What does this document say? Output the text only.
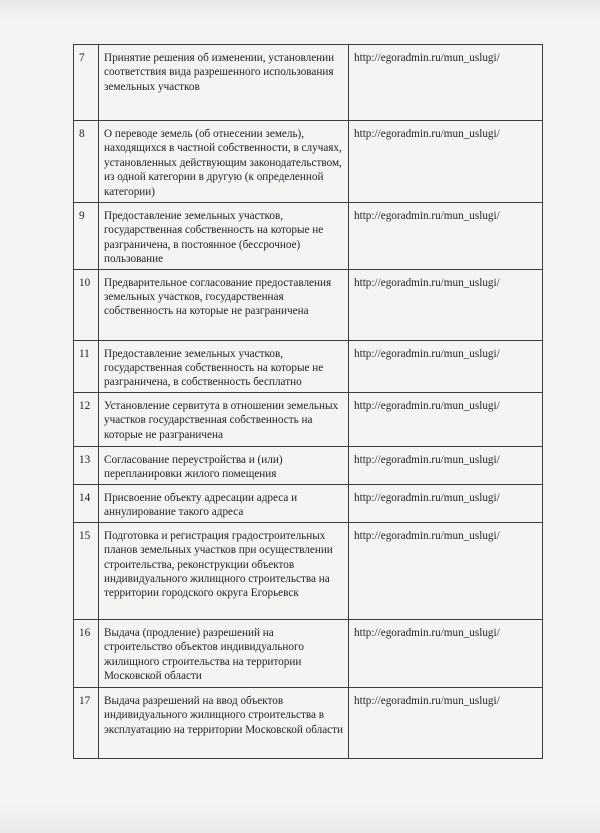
7	Принятие решения об изменении, установлении соответствия вида разрешенного использования земельных участков	http://egoradmin.ru/mun_uslugi/
8	О переводе земель (об отнесении земель), находящихся в частной собственности, в случаях, установленных действующим законодательством, из одной категории в другую (к определенной категории)	http://egoradmin.ru/mun_uslugi/
9	Предоставление земельных участков, государственная собственность на которые не разграничена, в постоянное (бессрочное) пользование	http://egoradmin.ru/mun_uslugi/
10	Предварительное согласование предоставления земельных участков, государственная собственность на которые не разграничена	http://egoradmin.ru/mun_uslugi/
11	Предоставление земельных участков, государственная собственность на которые не разграничена, в собственность бесплатно	http://egoradmin.ru/mun_uslugi/
12	Установление сервитута в отношении земельных участков государственная собственность на которые не разграничена	http://egoradmin.ru/mun_uslugi/
13	Согласование переустройства и (или) перепланировки жилого помещения	http://egoradmin.ru/mun_uslugi/
14	Присвоение объекту адресации адреса и аннулирование такого адреса	http://egoradmin.ru/mun_uslugi/
15	Подготовка и регистрация градостроительных планов земельных участков при осуществлении строительства, реконструкции объектов индивидуального жилищного строительства на территории городского округа Егорьевск	http://egoradmin.ru/mun_uslugi/
16	Выдача (продление) разрешений на строительство объектов индивидуального жилищного строительства на территории Московской области	http://egoradmin.ru/mun_uslugi/
17	Выдача разрешений на ввод объектов индивидуального жилищного строительства в эксплуатацию на территории Московской области	http://egoradmin.ru/mun_uslugi/
